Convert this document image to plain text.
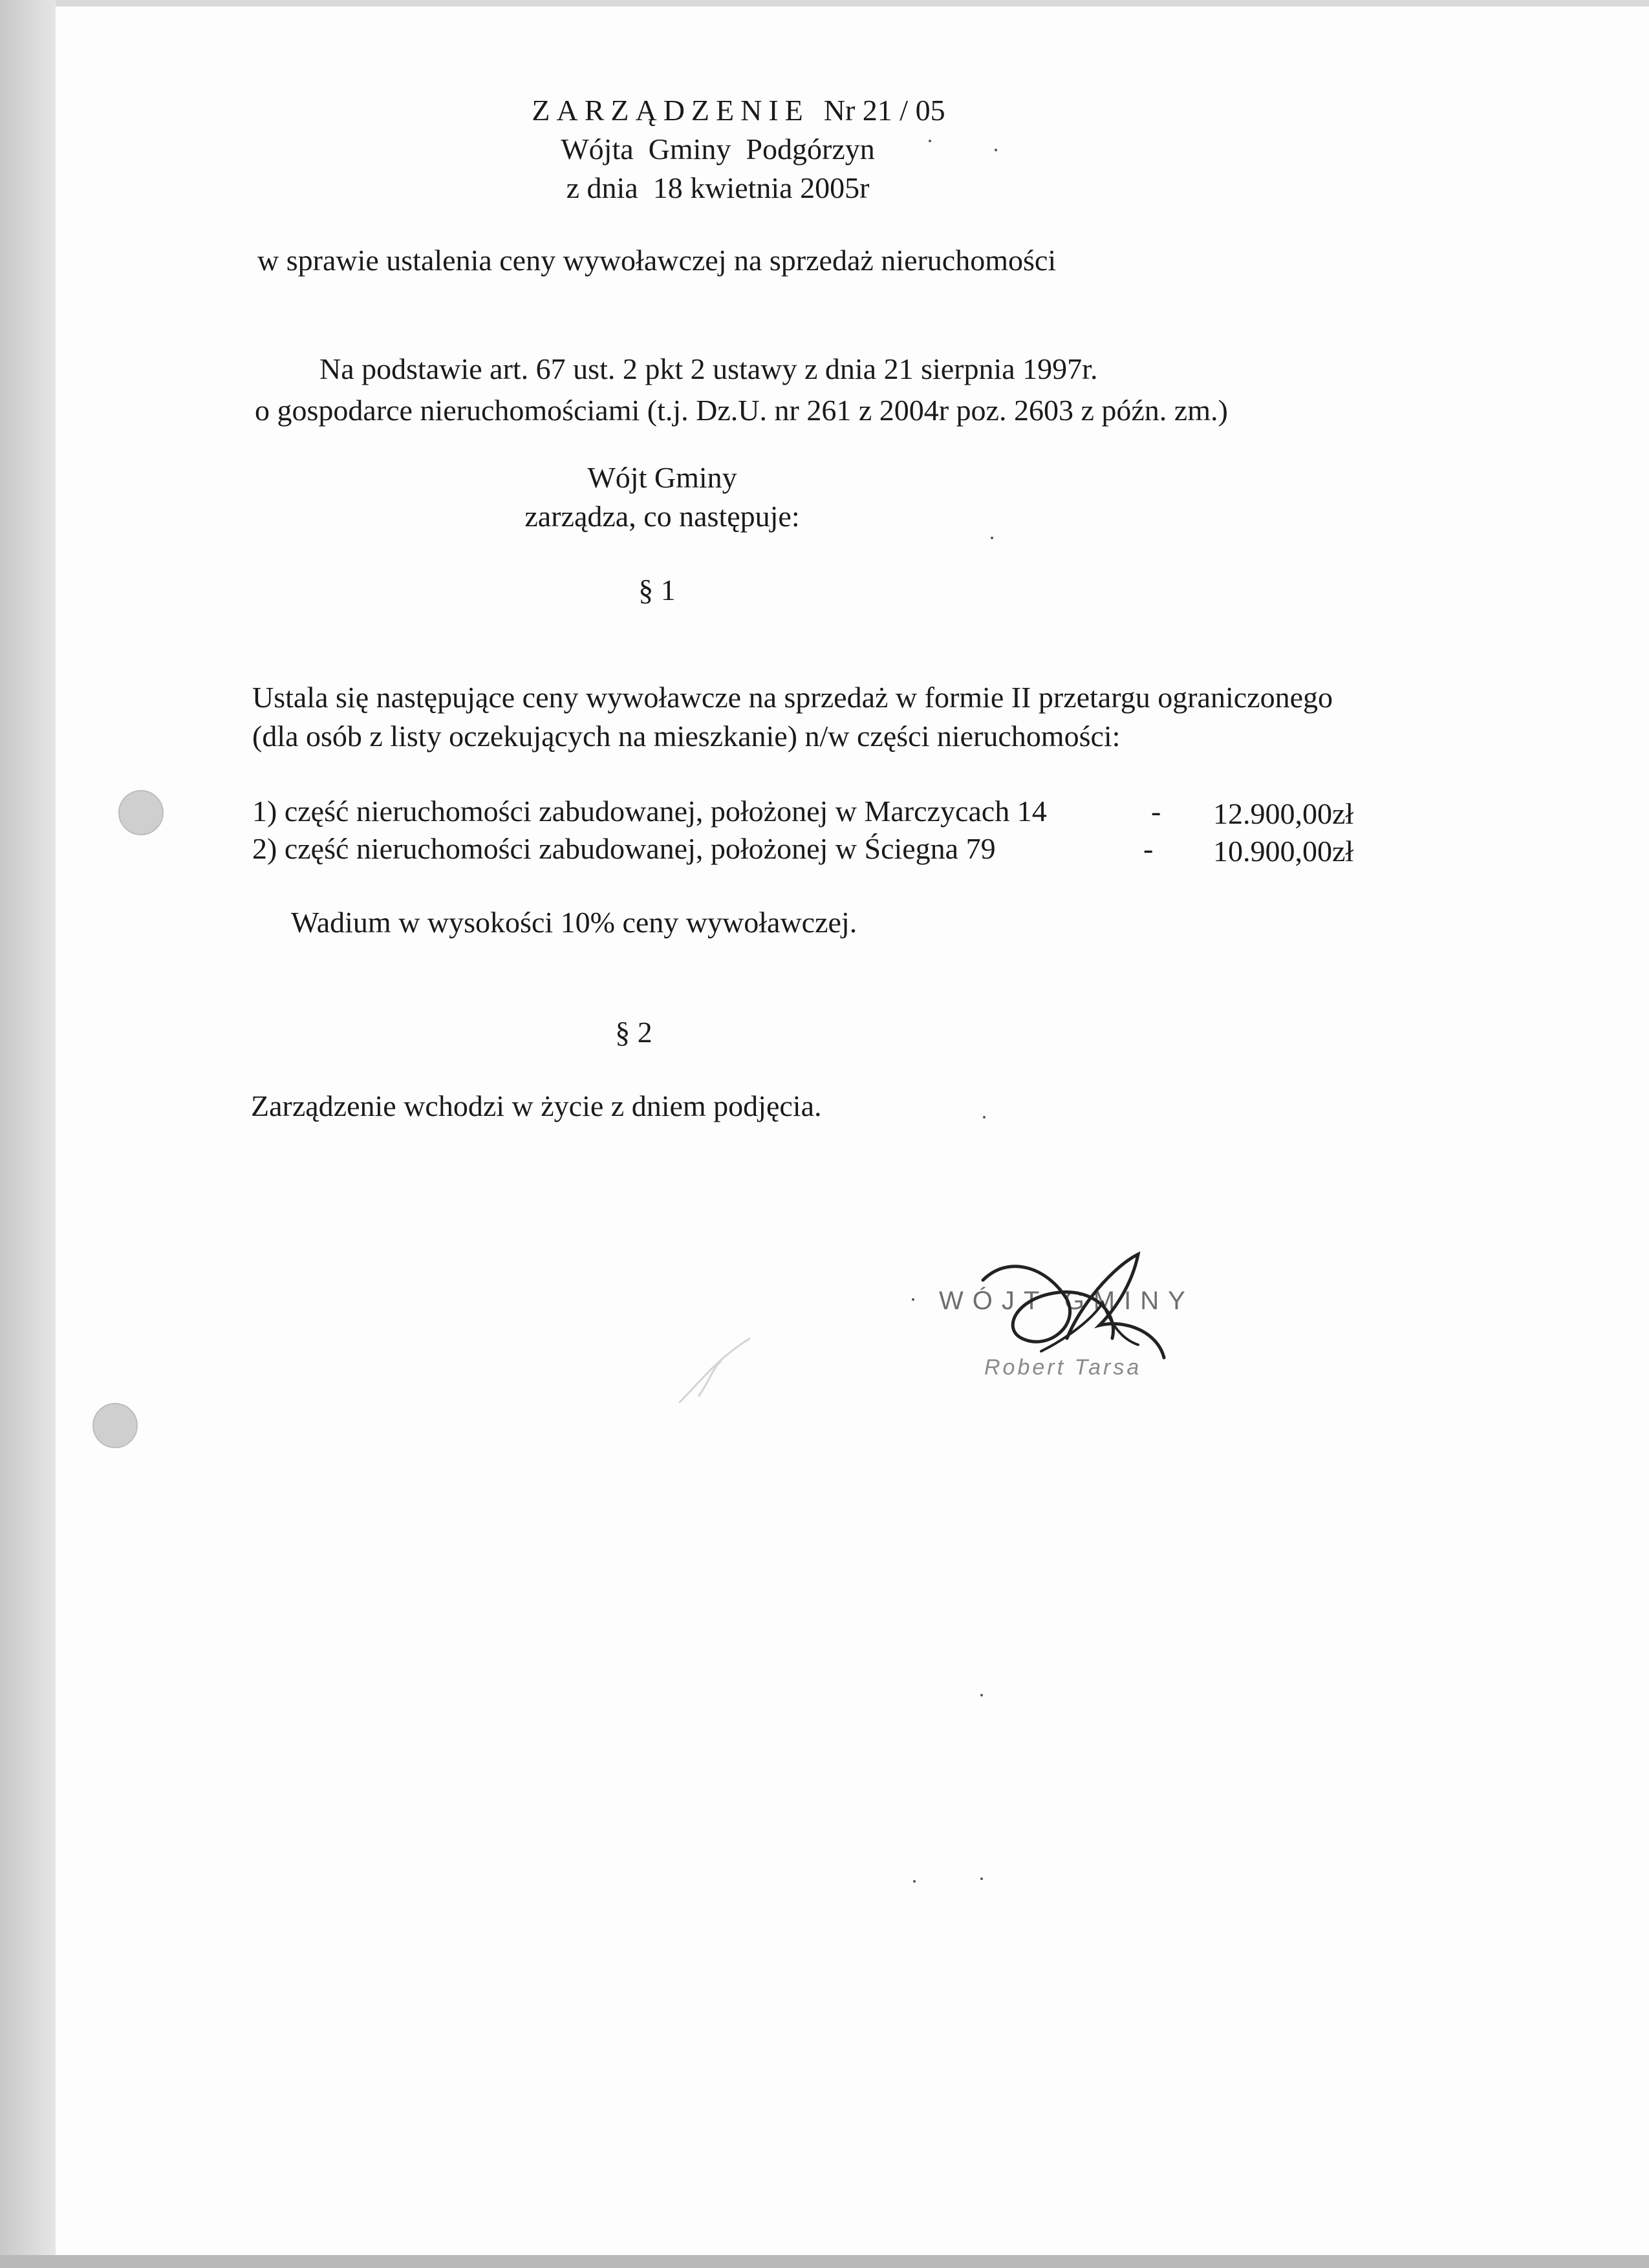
ZARZĄDZENIE Nr 21 / 05
Wójta  Gminy  Podgórzyn
z dnia  18 kwietnia 2005r
w sprawie ustalenia ceny wywoławczej na sprzedaż nieruchomości
Na podstawie art. 67 ust. 2 pkt 2 ustawy z dnia 21 sierpnia 1997r.
o gospodarce nieruchomościami (t.j. Dz.U. nr 261 z 2004r poz. 2603 z późn. zm.)
Wójt Gminy
zarządza, co następuje:
§ 1
Ustala się następujące ceny wywoławcze na sprzedaż w formie II przetargu ograniczonego
(dla osób z listy oczekujących na mieszkanie) n/w części nieruchomości:
1) część nieruchomości zabudowanej, położonej w Marczycach 14	- 12.900,00zł
2) część nieruchomości zabudowanej, położonej w Ściegna 79	- 10.900,00zł
Wadium w wysokości 10% ceny wywoławczej.
§ 2
Zarządzenie wchodzi w życie z dniem podjęcia.
WÓJT GMINY
Robert Tarsa
